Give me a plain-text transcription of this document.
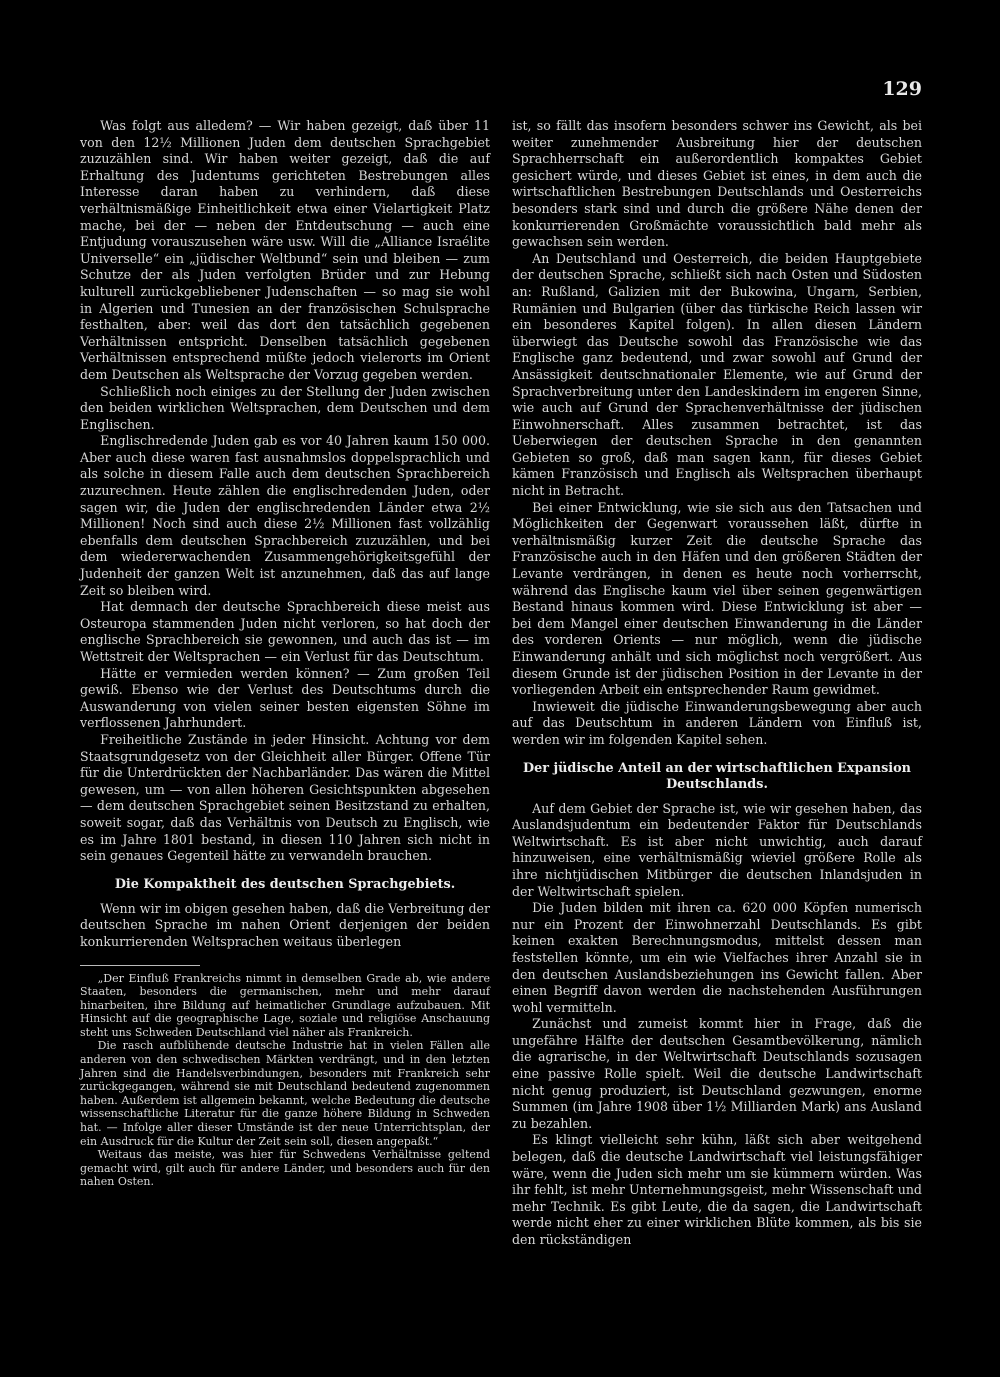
129

Was folgt aus alledem? — Wir haben gezeigt, daß über 11 von den 12½ Millionen Juden dem deutschen Sprachgebiet zuzuzählen sind. Wir haben weiter gezeigt, daß die auf Erhaltung des Judentums gerichteten Bestrebungen alles Interesse daran haben zu verhindern, daß diese verhältnismäßige Einheitlichkeit etwa einer Vielartigkeit Platz mache, bei der — neben der Entdeutschung — auch eine Entjudung vorauszusehen wäre usw. Will die „Alliance Israélite Universelle“ ein „jüdischer Weltbund“ sein und bleiben — zum Schutze der als Juden verfolgten Brüder und zur Hebung kulturell zurückgebliebener Judenschaften — so mag sie wohl in Algerien und Tunesien an der französischen Schulsprache festhalten, aber: weil das dort den tatsächlich gegebenen Verhältnissen entspricht. Denselben tatsächlich gegebenen Verhältnissen entsprechend müßte jedoch vielerorts im Orient dem Deutschen als Weltsprache der Vorzug gegeben werden.

Schließlich noch einiges zu der Stellung der Juden zwischen den beiden wirklichen Weltsprachen, dem Deutschen und dem Englischen.

Englischredende Juden gab es vor 40 Jahren kaum 150 000. Aber auch diese waren fast ausnahmslos doppelsprachlich und als solche in diesem Falle auch dem deutschen Sprachbereich zuzurechnen. Heute zählen die englischredenden Juden, oder sagen wir, die Juden der englischredenden Länder etwa 2½ Millionen! Noch sind auch diese 2½ Millionen fast vollzählig ebenfalls dem deutschen Sprachbereich zuzuzählen, und bei dem wiedererwachenden Zusammengehörigkeitsgefühl der Judenheit der ganzen Welt ist anzunehmen, daß das auf lange Zeit so bleiben wird.

Hat demnach der deutsche Sprachbereich diese meist aus Osteuropa stammenden Juden nicht verloren, so hat doch der englische Sprachbereich sie gewonnen, und auch das ist — im Wettstreit der Weltsprachen — ein Verlust für das Deutschtum.

Hätte er vermieden werden können? — Zum großen Teil gewiß. Ebenso wie der Verlust des Deutschtums durch die Auswanderung von vielen seiner besten eigensten Söhne im verflossenen Jahrhundert.

Freiheitliche Zustände in jeder Hinsicht. Achtung vor dem Staatsgrundgesetz von der Gleichheit aller Bürger. Offene Tür für die Unterdrückten der Nachbarländer. Das wären die Mittel gewesen, um — von allen höheren Gesichtspunkten abgesehen — dem deutschen Sprachgebiet seinen Besitzstand zu erhalten, soweit sogar, daß das Verhältnis von Deutsch zu Englisch, wie es im Jahre 1801 bestand, in diesen 110 Jahren sich nicht in sein genaues Gegenteil hätte zu verwandeln brauchen.

Die Kompaktheit des deutschen Sprachgebiets.

Wenn wir im obigen gesehen haben, daß die Verbreitung der deutschen Sprache im nahen Orient derjenigen der beiden konkurrierenden Weltsprachen weitaus überlegen

„Der Einfluß Frankreichs nimmt in demselben Grade ab, wie andere Staaten, besonders die germanischen, mehr und mehr darauf hinarbeiten, ihre Bildung auf heimatlicher Grundlage aufzubauen. Mit Hinsicht auf die geographische Lage, soziale und religiöse Anschauung steht uns Schweden Deutschland viel näher als Frankreich.

Die rasch aufblühende deutsche Industrie hat in vielen Fällen alle anderen von den schwedischen Märkten verdrängt, und in den letzten Jahren sind die Handelsverbindungen, besonders mit Frankreich sehr zurückgegangen, während sie mit Deutschland bedeutend zugenommen haben. Außerdem ist allgemein bekannt, welche Bedeutung die deutsche wissenschaftliche Literatur für die ganze höhere Bildung in Schweden hat. — Infolge aller dieser Umstände ist der neue Unterrichtsplan, der ein Ausdruck für die Kultur der Zeit sein soll, diesen angepaßt.“

Weitaus das meiste, was hier für Schwedens Verhältnisse geltend gemacht wird, gilt auch für andere Länder, und besonders auch für den nahen Osten.

ist, so fällt das insofern besonders schwer ins Gewicht, als bei weiter zunehmender Ausbreitung hier der deutschen Sprachherrschaft ein außerordentlich kompaktes Gebiet gesichert würde, und dieses Gebiet ist eines, in dem auch die wirtschaftlichen Bestrebungen Deutschlands und Oesterreichs besonders stark sind und durch die größere Nähe denen der konkurrierenden Großmächte voraussichtlich bald mehr als gewachsen sein werden.

An Deutschland und Oesterreich, die beiden Hauptgebiete der deutschen Sprache, schließt sich nach Osten und Südosten an: Rußland, Galizien mit der Bukowina, Ungarn, Serbien, Rumänien und Bulgarien (über das türkische Reich lassen wir ein besonderes Kapitel folgen). In allen diesen Ländern überwiegt das Deutsche sowohl das Französische wie das Englische ganz bedeutend, und zwar sowohl auf Grund der Ansässigkeit deutschnationaler Elemente, wie auf Grund der Sprachverbreitung unter den Landeskindern im engeren Sinne, wie auch auf Grund der Sprachenverhältnisse der jüdischen Einwohnerschaft. Alles zusammen betrachtet, ist das Ueberwiegen der deutschen Sprache in den genannten Gebieten so groß, daß man sagen kann, für dieses Gebiet kämen Französisch und Englisch als Weltsprachen überhaupt nicht in Betracht.

Bei einer Entwicklung, wie sie sich aus den Tatsachen und Möglichkeiten der Gegenwart voraussehen läßt, dürfte in verhältnismäßig kurzer Zeit die deutsche Sprache das Französische auch in den Häfen und den größeren Städten der Levante verdrängen, in denen es heute noch vorherrscht, während das Englische kaum viel über seinen gegenwärtigen Bestand hinaus kommen wird. Diese Entwicklung ist aber — bei dem Mangel einer deutschen Einwanderung in die Länder des vorderen Orients — nur möglich, wenn die jüdische Einwanderung anhält und sich möglichst noch vergrößert. Aus diesem Grunde ist der jüdischen Position in der Levante in der vorliegenden Arbeit ein entsprechender Raum gewidmet.

Inwieweit die jüdische Einwanderungsbewegung aber auch auf das Deutschtum in anderen Ländern von Einfluß ist, werden wir im folgenden Kapitel sehen.

Der jüdische Anteil an der wirtschaftlichen Expansion Deutschlands.

Auf dem Gebiet der Sprache ist, wie wir gesehen haben, das Auslandsjudentum ein bedeutender Faktor für Deutschlands Weltwirtschaft. Es ist aber nicht unwichtig, auch darauf hinzuweisen, eine verhältnismäßig wieviel größere Rolle als ihre nichtjüdischen Mitbürger die deutschen Inlandsjuden in der Weltwirtschaft spielen.

Die Juden bilden mit ihren ca. 620 000 Köpfen numerisch nur ein Prozent der Einwohnerzahl Deutschlands. Es gibt keinen exakten Berechnungsmodus, mittelst dessen man feststellen könnte, um ein wie Vielfaches ihrer Anzahl sie in den deutschen Auslandsbeziehungen ins Gewicht fallen. Aber einen Begriff davon werden die nachstehenden Ausführungen wohl vermitteln.

Zunächst und zumeist kommt hier in Frage, daß die ungefähre Hälfte der deutschen Gesamtbevölkerung, nämlich die agrarische, in der Weltwirtschaft Deutschlands sozusagen eine passive Rolle spielt. Weil die deutsche Landwirtschaft nicht genug produziert, ist Deutschland gezwungen, enorme Summen (im Jahre 1908 über 1½ Milliarden Mark) ans Ausland zu bezahlen.

Es klingt vielleicht sehr kühn, läßt sich aber weitgehend belegen, daß die deutsche Landwirtschaft viel leistungsfähiger wäre, wenn die Juden sich mehr um sie kümmern würden. Was ihr fehlt, ist mehr Unternehmungsgeist, mehr Wissenschaft und mehr Technik. Es gibt Leute, die da sagen, die Landwirtschaft werde nicht eher zu einer wirklichen Blüte kommen, als bis sie den rückständigen
